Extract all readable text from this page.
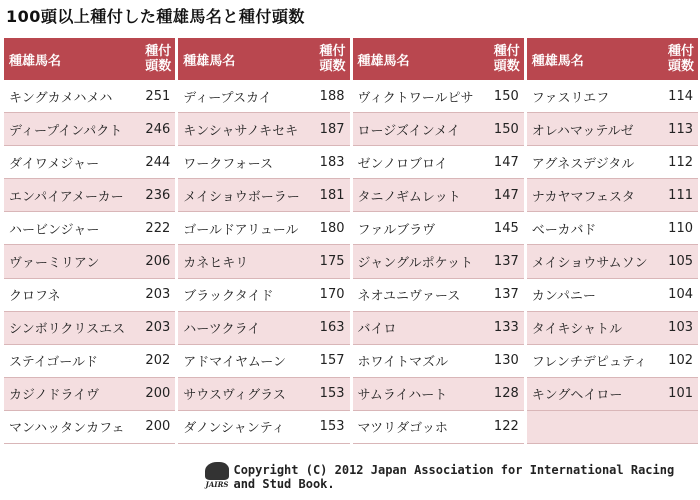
100頭以上種付した種雄馬名と種付頭数
種雄馬名
種付
頭数
キングカメハメハ	251
ディープインパクト 246
ダイワメジャー	244
エンパイアメーカー 236
ハービンジャー	222
ヴァーミリアン	206
クロフネ	203
シンボリクリスエス 203
ステイゴールド	202
カジノドライヴ	200
マンハッタンカフェ 200
種雄馬名
種付
頭数
ディープスカイ	188
キンシャサノキセキ 187
ワークフォース	183
メイショウボーラー 181
ゴールドアリュール 180
カネヒキリ	175
ブラックタイド	170
ハーツクライ	163
アドマイヤムーン	157
サウスヴィグラス	153
ダノンシャンティ	153
種雄馬名
種付
頭数
ヴィクトワールピサ 150
ロージズインメイ	150
ゼンノロブロイ	147
タニノギムレット	147
ファルブラヴ	145
ジャングルポケット 137
ネオユニヴァース	137
バイロ	133
ホワイトマズル	130
サムライハート	128
マツリダゴッホ	122
種雄馬名
種付
頭数
ファスリエフ	114
オレハマッテルゼ	113
アグネスデジタル	112
ナカヤマフェスタ	111
ベーカバド	110
メイショウサムソン 105
カンパニー	104
タイキシャトル	103
フレンチデピュティ 102
キングヘイロー	101
JAIRS
Copyright (C) 2012 Japan Association for International Racing and Stud Book.
